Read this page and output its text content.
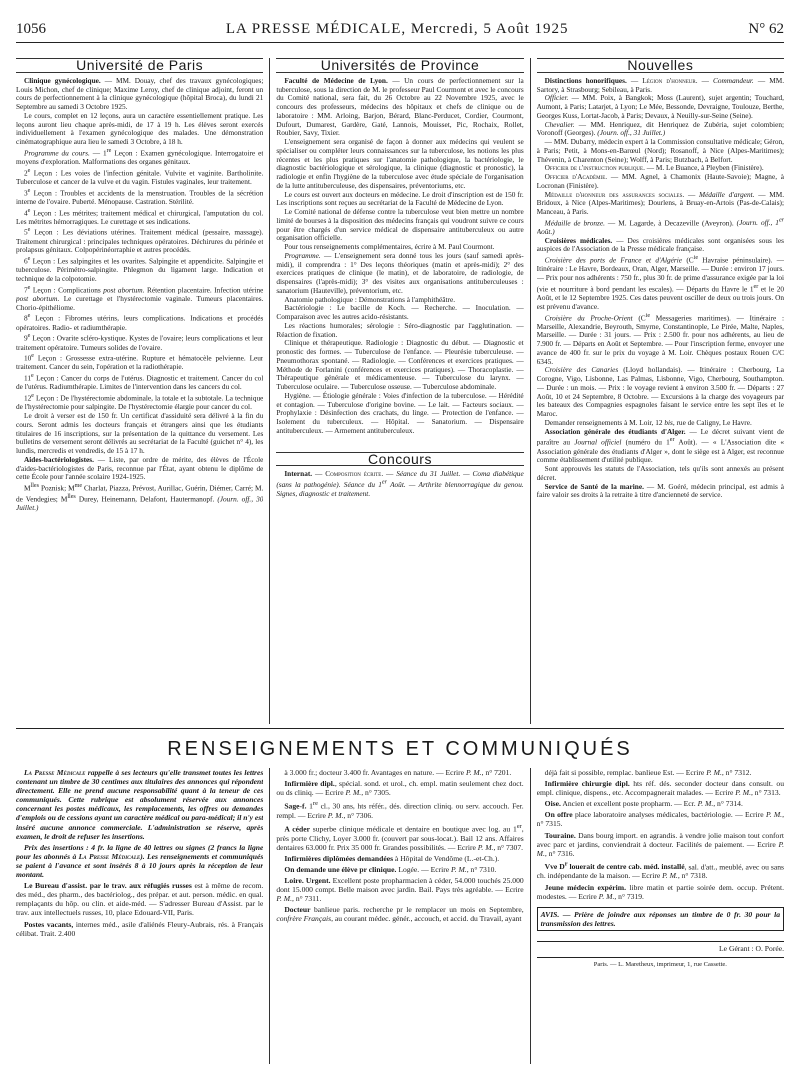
1056	LA PRESSE MÉDICALE, Mercredi, 5 Août 1925	N° 62
Université de Paris

Clinique gynécologique. — MM. Douay, chef des travaux gynécologiques; Louis Michon, chef de clinique; Maxime Leroy, chef de clinique adjoint, feront un cours de perfectionnement à la clinique gynécologique (hôpital Broca), du lundi 21 Septembre au samedi 3 Octobre 1925.

Le cours, complet en 12 leçons, aura un caractère essentiellement pratique. Les leçons auront lieu chaque après-midi, de 17 à 19 h. Les élèves seront exercés individuellement à l'examen gynécologique des malades. Une démonstration cinématographique aura lieu le samedi 3 Octobre, à 18 h.

Programme du cours. — 1re Leçon : Examen gynécologique. Interrogatoire et moyens d'exploration. Malformations des organes génitaux.

2e Leçon : Les voies de l'infection génitale. Vulvite et vaginite. Bartholinite. Tuberculose et cancer de la vulve et du vagin. Fistules vaginales, leur traitement.

3e Leçon : Troubles et accidents de la menstruation. Troubles de la sécrétion interne de l'ovaire. Puberté. Ménopause. Castration. Stérilité.

4e Leçon : Les métrites; traitement médical et chirurgical, l'amputation du col. Les métrites hémorragiques. Le curettage et ses indications.

5e Leçon : Les déviations utérines. Traitement médical (pessaire, massage). Traitement chirurgical : principales techniques opératoires. Déchirures du périnée et prolapsus génitaux. Colpopérinéorraphie et autres procédés.

6e Leçon : Les salpingites et les ovarites. Salpingite et appendicite. Salpingite et tuberculose. Périmétro-salpingite. Phlegmon du ligament large. Indication et technique de la colpotomie.

7e Leçon : Complications post abortum. Rétention placentaire. Infection utérine post abortum. Le curettage et l'hystérectomie vaginale. Tumeurs placentaires. Chorio-épithéliome.

8e Leçon : Fibromes utérins, leurs complications. Indications et procédés opératoires. Radio- et radiumthérapie.

9e Leçon : Ovarite scléro-kystique. Kystes de l'ovaire; leurs complications et leur traitement opératoire. Tumeurs solides de l'ovaire.

10e Leçon : Grossesse extra-utérine. Rupture et hématocèle pelvienne. Leur traitement. Cancer du sein, l'opération et la radiothérapie.

11e Leçon : Cancer du corps de l'utérus. Diagnostic et traitement. Cancer du col de l'utérus. Radiumthérapie. Limites de l'intervention dans les cancers du col.

12e Leçon : De l'hystérectomie abdominale, la totale et la subtotale. La technique de l'hystérectomie pour salpingite. De l'hystérectomie élargie pour cancer du col.

Le droit à verser est de 150 fr. Un certificat d'assiduité sera délivré à la fin du cours. Seront admis les docteurs français et étrangers ainsi que les étudiants titulaires de 16 inscriptions, sur la présentation de la quittance du versement. Les bulletins de versement seront délivrés au secrétariat de la Faculté (guichet n° 4), les lundis, mercredis et vendredis, de 15 à 17 h.

Aides-bactériologistes. — Liste, par ordre de mérite, des élèves de l'École d'aides-bactériologistes de Paris, reconnue par l'État, ayant obtenu le diplôme de cette École pour l'année scolaire 1924-1925.

$M^{lles}$ Poznisk; $M^{me}$ Charlat, Piazza, Prévost, Aurillac, Guérin, Diémer, Carré; M. de Vendegies; $M^{lles}$ Durey, Heinemann, Delafont, Hautermanopf. (Journ. off., 30 Juillet.)

Universités de Province

Faculté de Médecine de Lyon. — Un cours de perfectionnement sur la tuberculose, sous la direction de M. le professeur Paul Courmont et avec le concours du Comité national, sera fait, du 26 Octobre au 22 Novembre 1925, avec le concours des professeurs, médecins des hôpitaux et chefs de clinique ou de laboratoire : MM. Arloing, Barjon, Bérard, Blanc-Perducet, Cordier, Courmont, Dufourt, Dumarest, Gardère, Gaté, Lannois, Mouisset, Pic, Rochaix, Rollet, Roubier, Savy, Tixier.

L'enseignement sera organisé de façon à donner aux médecins qui veulent se spécialiser ou compléter leurs connaissances sur la tuberculose, les notions les plus récentes et les plus pratiques sur l'anatomie pathologique, la bactériologie, le diagnostic bactériologique et sérologique, la clinique (diagnostic et pronostic), la radiologie et enfin l'hygiène de la tuberculose avec étude spéciale de l'organisation de la lutte antituberculeuse, des dispensaires, préventoriums, etc.

Le cours est ouvert aux docteurs en médecine. Le droit d'inscription est de 150 fr. Les inscriptions sont reçues au secrétariat de la Faculté de Médecine de Lyon.

Le Comité national de défense contre la tuberculose veut bien mettre un nombre limité de bourses à la disposition des médecins français qui voudront suivre ce cours pour être chargés d'un service médical de dispensaire antituberculeux ou autre organisation officielle.

Pour tous renseignements complémentaires, écrire à M. Paul Courmont.

Programme. — L'enseignement sera donné tous les jours (sauf samedi après-midi), il comprendra : 1° Des leçons théoriques (matin et après-midi); 2° des exercices pratiques de clinique (le matin), et de laboratoire, de radiologie, de dispensaires (l'après-midi); 3° des visites aux organisations antituberculeuses : sanatorium (Hauteville), préventorium, etc.

Anatomie pathologique : Démonstrations à l'amphithéâtre.

Bactériologie : Le bacille de Koch. — Recherche. — Inoculation. — Comparaison avec les autres acido-résistants.

Les réactions humorales; sérologie : Séro-diagnostic par l'agglutination. — Réaction de fixation.

Clinique et thérapeutique. Radiologie : Diagnostic du début. — Diagnostic et pronostic des formes. — Tuberculose de l'enfance. — Pleurésie tuberculeuse. — Pneumothorax spontané. — Radiologie. — Conférences et exercices pratiques. — Méthode de Forlanini (conférences et exercices pratiques). — Thoracoplastie. — Thérapeutique générale et médicamenteuse. — Tuberculose du larynx. — Tuberculose oculaire. — Tuberculose osseuse. — Tuberculose abdominale.

Hygiène. — Étiologie générale : Voies d'infection de la tuberculose. — Hérédité et contagion. — Tuberculose d'origine bovine. — Le lait. — Facteurs sociaux. — Prophylaxie : Désinfection des crachats, du linge. — Protection de l'enfance. — Isolement du tuberculeux. — Hôpital. — Sanatorium. — Dispensaire antituberculeux. — Armement antituberculeux.

Concours

Internat. — Composition écrite. — Séance du 31 Juillet. — Coma diabétique (sans la pathogénie). Séance du 1er Août. — Arthrite blennorragique du genou. Signes, diagnostic et traitement.

Nouvelles

Distinctions honorifiques. — Légion d'honneur. — Commandeur. — MM. Sartory, à Strasbourg; Sebileau, à Paris.

Officier. — MM. Poix, à Bangkok; Moss (Laurent), sujet argentin; Touchard, Aumont, à Paris; Latarjet, à Lyon; Le Mée, Bessonde, Devraigne, Toulouze, Berthe, Georges Kuss, Lortat-Jacob, à Paris; Devaux, à Neuilly-sur-Seine (Seine).

Chevalier. — MM. Henriquez, dit Henriquez de Zubéria, sujet colombien; Voronoff (Georges). (Journ. off., 31 Juillet.)

— MM. Dubarry, médecin expert à la Commission consultative médicale; Géron, à Paris; Petit, à Mons-en-Barœul (Nord); Rosanoff, à Nice (Alpes-Maritimes); Thévenin, à Charenton (Seine); Wolff, à Paris; Butzbach, à Belfort.

Officier de l'instruction publique. — M. Le Buance, à Pleyben (Finistère).

Officier d'Académie. — MM. Agnel, à Chamonix (Haute-Savoie); Magne, à Locronan (Finistère).

Médaille d'honneur des assurances sociales. — Médaille d'argent. — MM. Bridoux, à Nice (Alpes-Maritimes); Dourlens, à Bruay-en-Artois (Pas-de-Calais); Manceau, à Paris.

Médaille de bronze. — M. Lagarde, à Decazeville (Aveyron). (Journ. off., 1er Août.)

Croisières médicales. — Des croisières médicales sont organisées sous les auspices de l'Association de la Presse médicale française.

Croisière des ports de France et d'Algérie ($C^{ie}$ Havraise péninsulaire). — Itinéraire : Le Havre, Bordeaux, Oran, Alger, Marseille. — Durée : environ 17 jours. — Prix pour nos adhérents : 750 fr., plus 30 fr. de prime d'assurance exigée par la loi (vie et nourriture à bord pendant les escales). — Départs du Havre le 1er et le 20 Août, et le 12 Septembre 1925. Ces dates peuvent osciller de deux ou trois jours. On est prévenu d'avance.

Croisière du Proche-Orient ($C^{ie}$ Messageries maritimes). — Itinéraire : Marseille, Alexandrie, Beyrouth, Smyrne, Constantinople, Le Pirée, Malte, Naples, Marseille. — Durée : 31 jours. — Prix : 2.500 fr. pour nos adhérents, au lieu de 7.900 fr. — Départs en Août et Septembre. — Pour l'inscription ferme, envoyer une avance de 400 fr. sur le prix du voyage à M. Loir. Chèques postaux Rouen C/C 6345.

Croisière des Canaries (Lloyd hollandais). — Itinéraire : Cherbourg, La Corogne, Vigo, Lisbonne, Las Palmas, Lisbonne, Vigo, Cherbourg, Southampton. — Durée : un mois. — Prix : le voyage revient à environ 3.500 fr. — Départs : 27 Août, 10 et 24 Septembre, 8 Octobre. — Excursions à la charge des voyageurs par les bateaux des Compagnies espagnoles faisant le service entre les sept îles et le Maroc.

Demander renseignements à M. Loir, 12 bis, rue de Caligny, Le Havre.

Association générale des étudiants d'Alger. — Le décret suivant vient de paraître au Journal officiel (numéro du 1er Août). — « L'Association dite « Association générale des étudiants d'Alger », dont le siège est à Alger, est reconnue comme établissement d'utilité publique.

Sont approuvés les statuts de l'Association, tels qu'ils sont annexés au présent décret.

Service de Santé de la marine. — M. Goéré, médecin principal, est admis à faire valoir ses droits à la retraite à titre d'ancienneté de service.

RENSEIGNEMENTS ET COMMUNIQUÉS

La Presse Médicale rappelle à ses lecteurs qu'elle transmet toutes les lettres contenant un timbre de 30 centimes aux titulaires des annonces qui répondent directement. Elle ne prend aucune responsabilité quant à la teneur de ces communiqués. Cette rubrique est absolument réservée aux annonces concernant les postes médicaux, les remplacements, les offres ou demandes d'emplois ou de cessions ayant un caractère médical ou para-médical; il n'y est inséré aucune annonce commerciale. L'administration se réserve, après examen, le droit de refuser les insertions.

Prix des insertions : 4 fr. la ligne de 40 lettres ou signes (2 francs la ligne pour les abonnés à La Presse Médicale). Les renseignements et communiqués se paient à l'avance et sont insérés 8 à 10 jours après la réception de leur montant.

Le Bureau d'assist. par le trav. aux réfugiés russes est à même de recom. des méd., des pharm., des bactériolog., des prépar. et aut. person. médic. en qual. remplaçants du hôp. ou clin. et aide-méd. — S'adresser Bureau d'Assist. par le trav. aux intellectuels russes, 10, place Edouard-VII, Paris.

Postes vacants, internes méd., asile d'aliénés Fleury-Aubrais, rés. à Français célibat. Trait. 2.400

à 3.000 fr.; docteur 3.400 fr. Avantages en nature. — Ecrire P. M., n° 7201.

Infirmière dipl., spécial. sond. et urol., ch. empl. matin seulement chez doct. ou ds cliniq. — Ecrire P. M., n° 7305.

Sage-f. 1re cl., 30 ans, hts référ., dés. direction cliniq. ou serv. accouch. Fer. rempl. — Ecrire P. M., n° 7306.

A céder superbe clinique médicale et dentaire en boutique avec log. au 1er, près porte Clichy, Loyer 3.000 fr. (couvert par sous-locat.). Bail 12 ans. Affaires dentaires 63.000 fr. Prix 35 000 fr. Grandes possibilités. — Ecrire P. M., n° 7307.

Infirmières diplômées demandées à Hôpital de Vendôme (L.-et-Ch.).

On demande une élève pr clinique. Logée. — Ecrire P. M., n° 7310.

Loire. Urgent. Excellent poste propharmacien à céder, 54.000 touchés 25.000 dont 15.000 compt. Belle maison avec jardin. Bail. Pays très agréable. — Ecrire P. M., n° 7311.

Docteur banlieue paris. recherche pr le remplacer un mois en Septembre, confrère Français, au courant médec. génér., accouch, et accid. du Travail, ayant

déjà fait si possible, remplac. banlieue Est. — Ecrire P. M., n° 7312.

Infirmière chirurgie dipl. hts réf. dés. seconder docteur dans consult. ou empl. clinique, dispens., etc. Accompagnerait malades. — Ecrire P. M., n° 7313.

Oise. Ancien et excellent poste propharm. — Ecr. P. M., n° 7314.

On offre place laboratoire analyses médicales, bactériologie. — Ecrire P. M., n° 7315.

Touraine. Dans bourg import. en agrandis. à vendre jolie maison tout confort avec parc et jardins, conviendrait à docteur. Facilités de paiement. — Ecrire P. M., n° 7316.

Vve $D^r$ louerait de centre cab. méd. installé, sal. d'att., meublé, avec ou sans ch. indépendante de la maison. — Ecrire P. M., n° 7318.

Jeune médecin expérim. libre matin et partie soirée dem. occup. Prétent. modestes. — Ecrire P. M., n° 7319.

AVIS. — Prière de joindre aux réponses un timbre de 0 fr. 30 pour la transmission des lettres.
Le Gérant : O. Porée.
Paris. — L. Maretheux, imprimeur, 1, rue Cassette.
